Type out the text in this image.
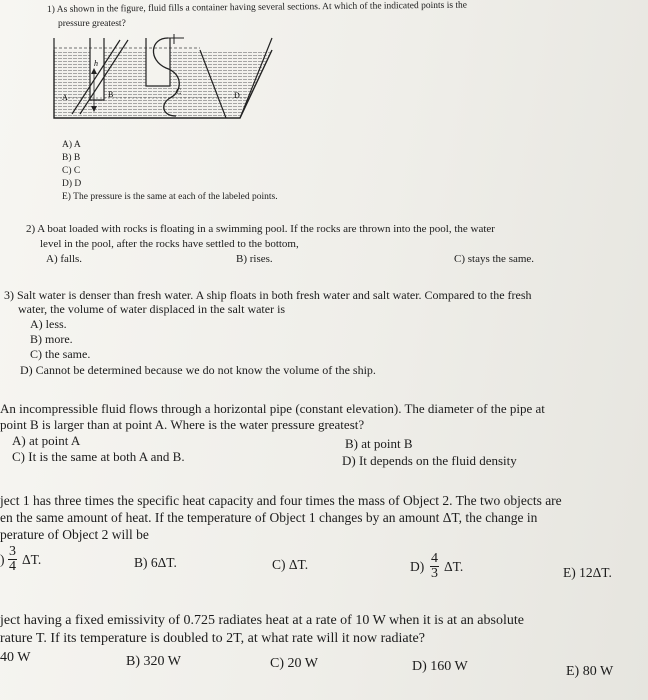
1) As shown in the figure, fluid fills a container having several sections. At which of the indicated points is the
pressure greatest?
h
A	B	C	D
A) A
B) B
C) C
D) D
E) The pressure is the same at each of the labeled points.
2) A boat loaded with rocks is floating in a swimming pool. If the rocks are thrown into the pool, the water
level in the pool, after the rocks have settled to the bottom,
A) falls.	B) rises.	C) stays the same.
3) Salt water is denser than fresh water. A ship floats in both fresh water and salt water. Compared to the fresh
water, the volume of water displaced in the salt water is
A) less.
B) more.
C) the same.
D) Cannot be determined because we do not know the volume of the ship.
An incompressible fluid flows through a horizontal pipe (constant elevation). The diameter of the pipe at
point B is larger than at point A. Where is the water pressure greatest?
A) at point A	B) at point B
C) It is the same at both A and B.	D) It depends on the fluid density
ject 1 has three times the specific heat capacity and four times the mass of Object 2. The two objects are
en the same amount of heat. If the temperature of Object 1 changes by an amount ΔT, the change in
perature of Object 2 will be
) $\frac{3}{4} \Delta T$.	B) 6ΔT.	C) ΔT.	$D) \frac{4}{3} \Delta T$.	E) 12ΔT.
ject having a fixed emissivity of 0.725 radiates heat at a rate of 10 W when it is at an absolute
rature T. If its temperature is doubled to 2T, at what rate will it now radiate?
40 W	B) 320 W	C) 20 W	D) 160 W	E) 80 W
